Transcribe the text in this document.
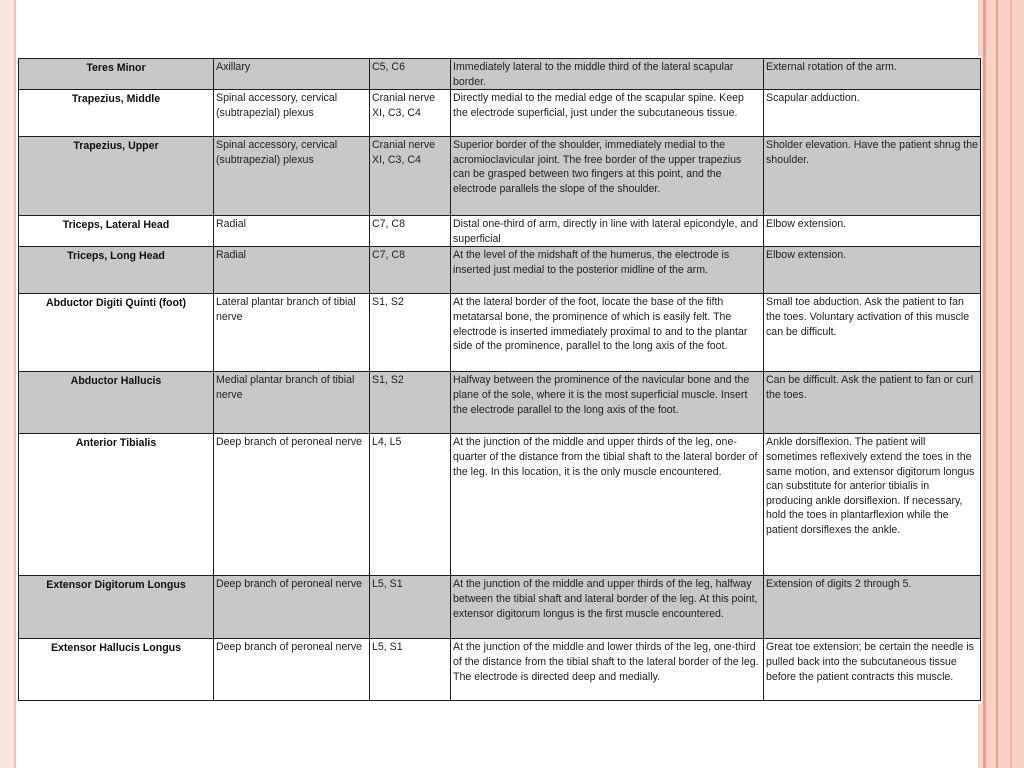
Teres Minor	Axillary	C5, C6	Immediately lateral to the middle third of the lateral scapular border.	External rotation of the arm.
Trapezius, Middle	Spinal accessory, cervical (subtrapezial) plexus	Cranial nerve XI, C3, C4	Directly medial to the medial edge of the scapular spine. Keep the electrode superficial, just under the subcutaneous tissue.	Scapular adduction.
Trapezius, Upper	Spinal accessory, cervical (subtrapezial) plexus	Cranial nerve XI, C3, C4	Superior border of the shoulder, immediately medial to the acromioclavicular joint. The free border of the upper trapezius can be grasped between two fingers at this point, and the electrode parallels the slope of the shoulder.	Sholder elevation. Have the patient shrug the shoulder.
Triceps, Lateral Head	Radial	C7, C8	Distal one-third of arm, directly in line with lateral epicondyle, and superficial	Elbow extension.
Triceps, Long Head	Radial	C7, C8	At the level of the midshaft of the humerus, the electrode is inserted just medial to the posterior midline of the arm.	Elbow extension.
Abductor Digiti Quinti (foot)	Lateral plantar branch of tibial nerve	S1, S2	At the lateral border of the foot, locate the base of the fifth metatarsal bone, the prominence of which is easily felt. The electrode is inserted immediately proximal to and to the plantar side of the prominence, parallel to the long axis of the foot.	Small toe abduction. Ask the patient to fan the toes. Voluntary activation of this muscle can be difficult.
Abductor Hallucis	Medial plantar branch of tibial nerve	S1, S2	Halfway between the prominence of the navicular bone and the plane of the sole, where it is the most superficial muscle. Insert the electrode parallel to the long axis of the foot.	Can be difficult. Ask the patient to fan or curl the toes.
Anterior Tibialis	Deep branch of peroneal nerve	L4, L5	At the junction of the middle and upper thirds of the leg, one-quarter of the distance from the tibial shaft to the lateral border of the leg. In this location, it is the only muscle encountered.	Ankle dorsiflexion. The patient will sometimes reflexively extend the toes in the same motion, and extensor digitorum longus can substitute for anterior tibialis in producing ankle dorsiflexion. If necessary, hold the toes in plantarflexion while the patient dorsiflexes the ankle.
Extensor Digitorum Longus	Deep branch of peroneal nerve	L5, S1	At the junction of the middle and upper thirds of the leg, halfway between the tibial shaft and lateral border of the leg. At this point, extensor digitorum longus is the first muscle encountered.	Extension of digits 2 through 5.
Extensor Hallucis Longus	Deep branch of peroneal nerve	L5, S1	At the junction of the middle and lower thirds of the leg, one-third of the distance from the tibial shaft to the lateral border of the leg. The electrode is directed deep and medially.	Great toe extension; be certain the needle is pulled back into the subcutaneous tissue before the patient contracts this muscle.
